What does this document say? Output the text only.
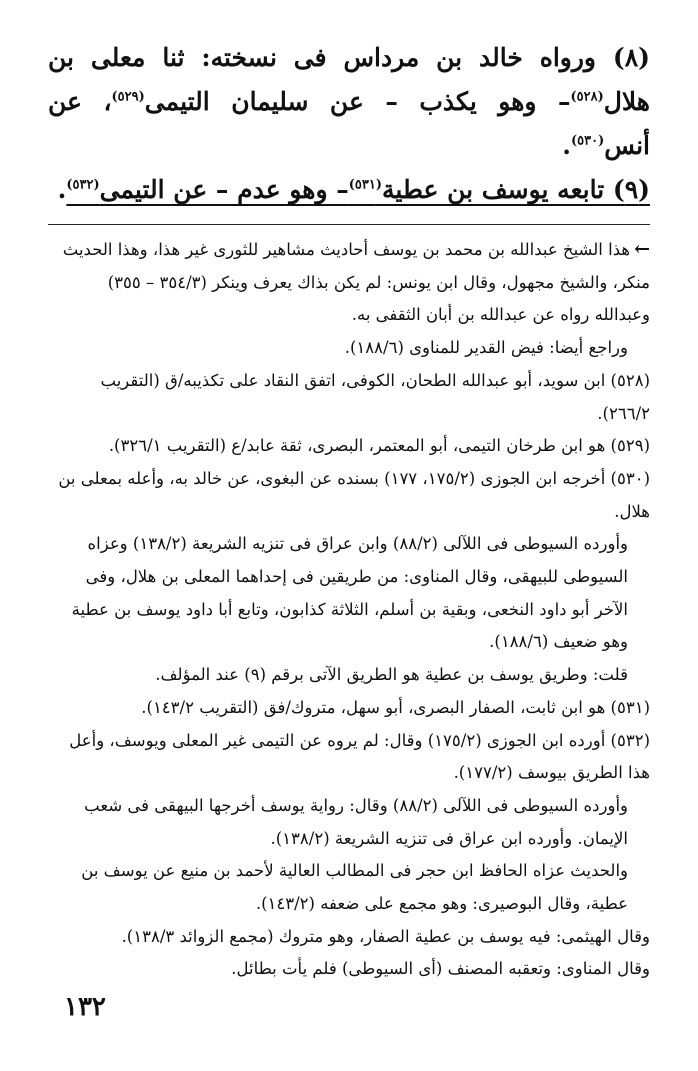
(٨) ورواه خالد بن مرداس فى نسخته: ثنا معلى بن هلال$^{(٥٢٨)}$– وهو يكذب – عن سليمان التيمى$^{(٥٢٩)}$، عن أنس$^{(٥٣٠)}$.

(٩) تابعه يوسف بن عطية$^{(٥٣١)}$– وهو عدم – عن التيمى$^{(٥٣٢)}$.

←هذا الشيخ عبدالله بن محمد بن يوسف أحاديث مشاهير للثورى غير هذا، وهذا الحديث منكر، والشيخ مجهول، وقال ابن يونس: لم يكن بذاك يعرف وينكر (٣٥٤/٣ – ٣٥٥) وعبدالله رواه عن عبدالله بن أبان الثقفى به.

وراجع أيضا: فيض القدير للمناوى (١٨٨/٦).

(٥٢٨) ابن سويد، أبو عبدالله الطحان، الكوفى، اتفق النقاد على تكذيبه/ق (التقريب ٢٦٦/٢).

(٥٢٩) هو ابن طرخان التيمى، أبو المعتمر، البصرى، ثقة عابد/ع (التقريب ٣٢٦/١).

(٥٣٠) أخرجه ابن الجوزى (١٧٥/٢، ١٧٧) بسنده عن البغوى، عن خالد به، وأعله بمعلى بن هلال.

وأورده السيوطى فى اللآلى (٨٨/٢) وابن عراق فى تنزيه الشريعة (١٣٨/٢) وعزاه السيوطى للبيهقى، وقال المناوى: من طريقين فى إحداهما المعلى بن هلال، وفى الآخر أبو داود النخعى، وبقية بن أسلم، الثلاثة كذابون، وتابع أبا داود يوسف بن عطية وهو ضعيف (١٨٨/٦).

قلت: وطريق يوسف بن عطية هو الطريق الآتى برقم (٩) عند المؤلف.

(٥٣١) هو ابن ثابت، الصفار البصرى، أبو سهل، متروك/فق (التقريب ١٤٣/٢).

(٥٣٢) أورده ابن الجوزى (١٧٥/٢) وقال: لم يروه عن التيمى غير المعلى ويوسف، وأعل هذا الطريق بيوسف (١٧٧/٢).

وأورده السيوطى فى اللآلى (٨٨/٢) وقال: رواية يوسف أخرجها البيهقى فى شعب الإيمان. وأورده ابن عراق فى تنزيه الشريعة (١٣٨/٢).

والحديث عزاه الحافظ ابن حجر فى المطالب العالية لأحمد بن منيع عن يوسف بن عطية، وقال البوصيرى: وهو مجمع على ضعفه (١٤٣/٢).

وقال الهيثمى: فيه يوسف بن عطية الصفار، وهو متروك (مجمع الزوائد ١٣٨/٣).

وقال المناوى: وتعقبه المصنف (أى السيوطى) فلم يأت بطائل.

١٣٢
